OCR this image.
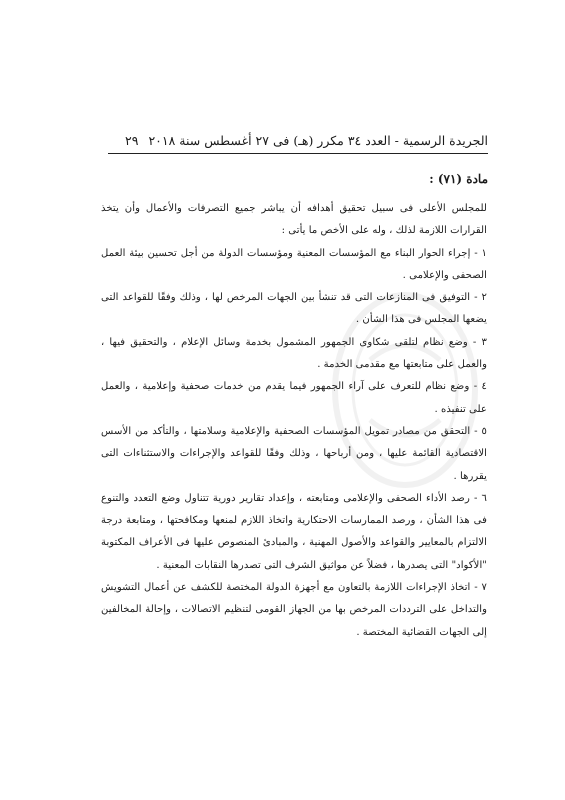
الجريدة الرسمية - العدد ٣٤ مكرر (هـ) فى ٢٧ أغسطس سنة ٢٠١٨ ٢٩
مادة (٧١) :

للمجلس الأعلى فى سبيل تحقيق أهدافه أن يباشر جميع التصرفات والأعمال وأن يتخذ القرارات اللازمة لذلك ، وله على الأخص ما يأتى :

١ - إجراء الحوار البناء مع المؤسسات المعنية ومؤسسات الدولة من أجل تحسين بيئة العمل الصحفى والإعلامى .

٢ - التوفيق فى المنازعات التى قد تنشأ بين الجهات المرخص لها ، وذلك وفقًا للقواعد التى يضعها المجلس فى هذا الشأن .

٣ - وضع نظام لتلقى شكاوى الجمهور المشمول بخدمة وسائل الإعلام ، والتحقيق فيها ، والعمل على متابعتها مع مقدمى الخدمة .

٤ - وضع نظام للتعرف على آراء الجمهور فيما يقدم من خدمات صحفية وإعلامية ، والعمل على تنفيذه .

٥ - التحقق من مصادر تمويل المؤسسات الصحفية والإعلامية وسلامتها ، والتأكد من الأسس الاقتصادية القائمة عليها ، ومن أرباحها ، وذلك وفقًا للقواعد والإجراءات والاستثناءات التى يقررها .

٦ - رصد الأداء الصحفى والإعلامى ومتابعته ، وإعداد تقارير دورية تتناول وضع التعدد والتنوع فى هذا الشأن ، ورصد الممارسات الاحتكارية واتخاذ اللازم لمنعها ومكافحتها ، ومتابعة درجة الالتزام بالمعايير والقواعد والأصول المهنية ، والمبادئ المنصوص عليها فى الأعراف المكتوبة "الأكواد" التى يصدرها ، فضلاً عن مواثيق الشرف التى تصدرها النقابات المعنية .

٧ - اتخاذ الإجراءات اللازمة بالتعاون مع أجهزة الدولة المختصة للكشف عن أعمال التشويش والتداخل على الترددات المرخص بها من الجهاز القومى لتنظيم الاتصالات ، وإحالة المخالفين إلى الجهات القضائية المختصة .
